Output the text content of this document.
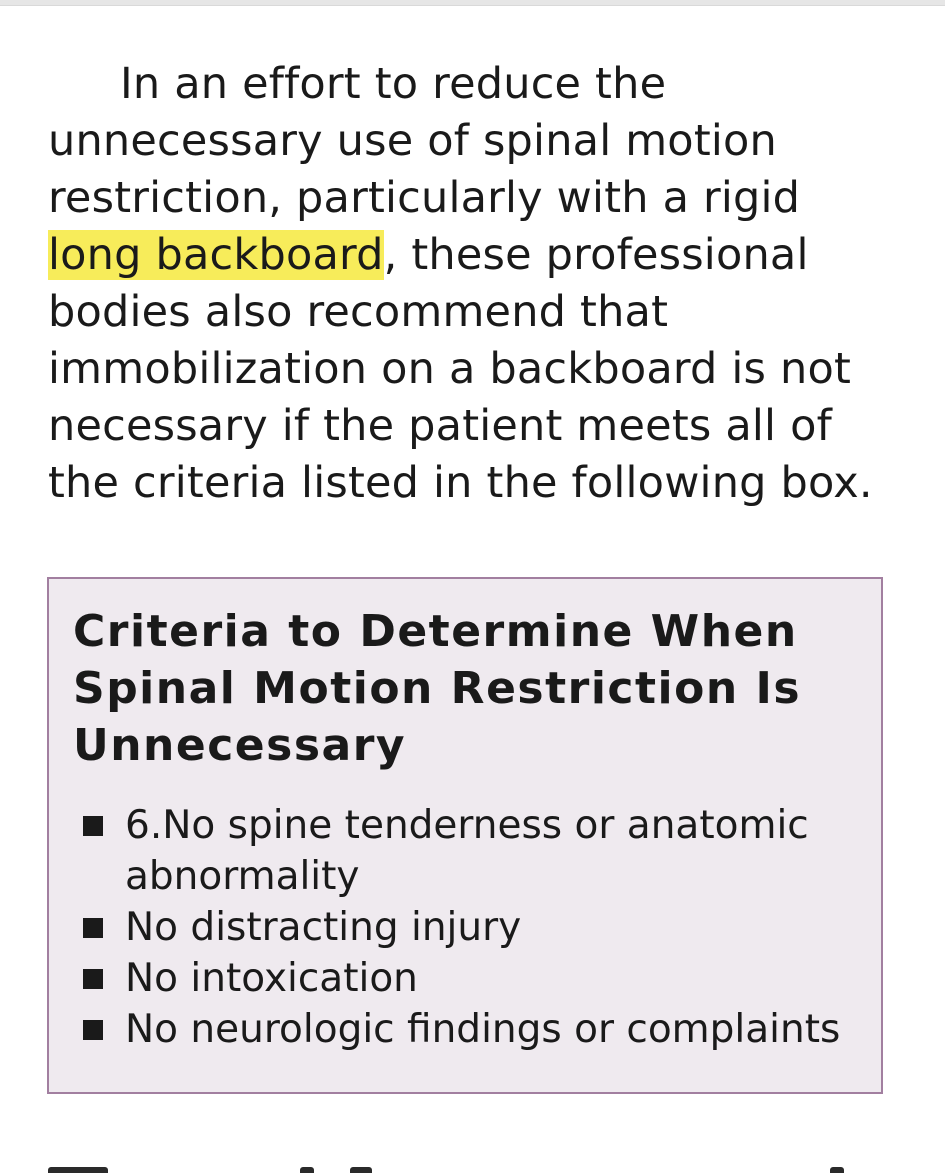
In an effort to reduce the
unnecessary use of spinal motion
restriction, particularly with a rigid
long backboard, these professional
bodies also recommend that
immobilization on a backboard is not
necessary if the patient meets all of
the criteria listed in the following box.

Criteria to Determine When
Spinal Motion Restriction Is
Unnecessary
6.No spine tenderness or anatomic
abnormality
No distracting injury
No intoxication
No neurologic findings or complaints
